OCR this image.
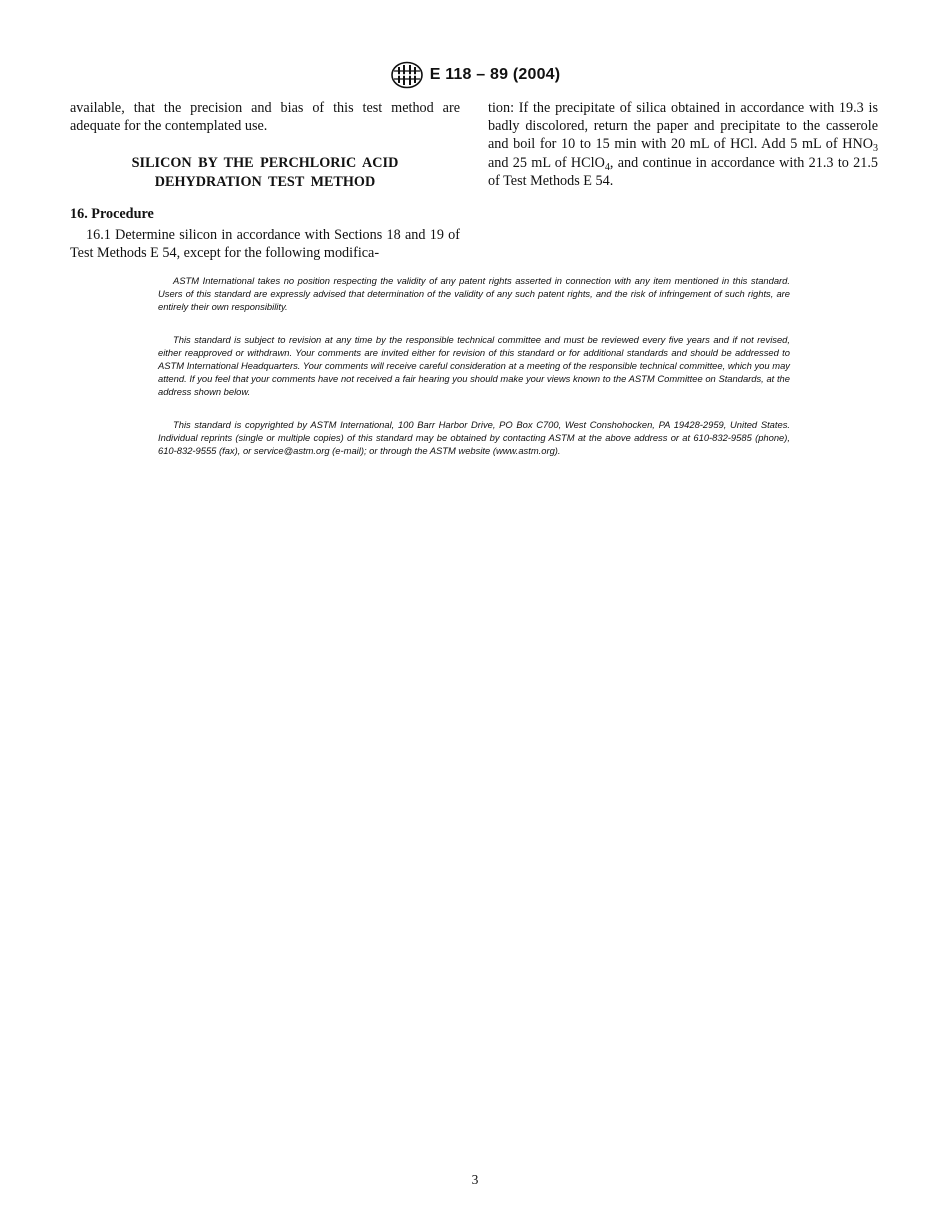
E 118 – 89 (2004)

available, that the precision and bias of this test method are adequate for the contemplated use.

SILICON BY THE PERCHLORIC ACID
DEHYDRATION TEST METHOD
16. Procedure

16.1 Determine silicon in accordance with Sections 18 and 19 of Test Methods E 54, except for the following modifica-

tion: If the precipitate of silica obtained in accordance with 19.3 is badly discolored, return the paper and precipitate to the casserole and boil for 10 to 15 min with 20 mL of HCl. Add 5 mL of $HNO_3$ and 25 mL of HClO$_4$, and continue in accordance with 21.3 to 21.5 of Test Methods E 54.

ASTM International takes no position respecting the validity of any patent rights asserted in connection with any item mentioned in this standard. Users of this standard are expressly advised that determination of the validity of any such patent rights, and the risk of infringement of such rights, are entirely their own responsibility.

This standard is subject to revision at any time by the responsible technical committee and must be reviewed every five years and if not revised, either reapproved or withdrawn. Your comments are invited either for revision of this standard or for additional standards and should be addressed to ASTM International Headquarters. Your comments will receive careful consideration at a meeting of the responsible technical committee, which you may attend. If you feel that your comments have not received a fair hearing you should make your views known to the ASTM Committee on Standards, at the address shown below.

This standard is copyrighted by ASTM International, 100 Barr Harbor Drive, PO Box C700, West Conshohocken, PA 19428-2959, United States. Individual reprints (single or multiple copies) of this standard may be obtained by contacting ASTM at the above address or at 610-832-9585 (phone), 610-832-9555 (fax), or service@astm.org (e-mail); or through the ASTM website (www.astm.org).

3
